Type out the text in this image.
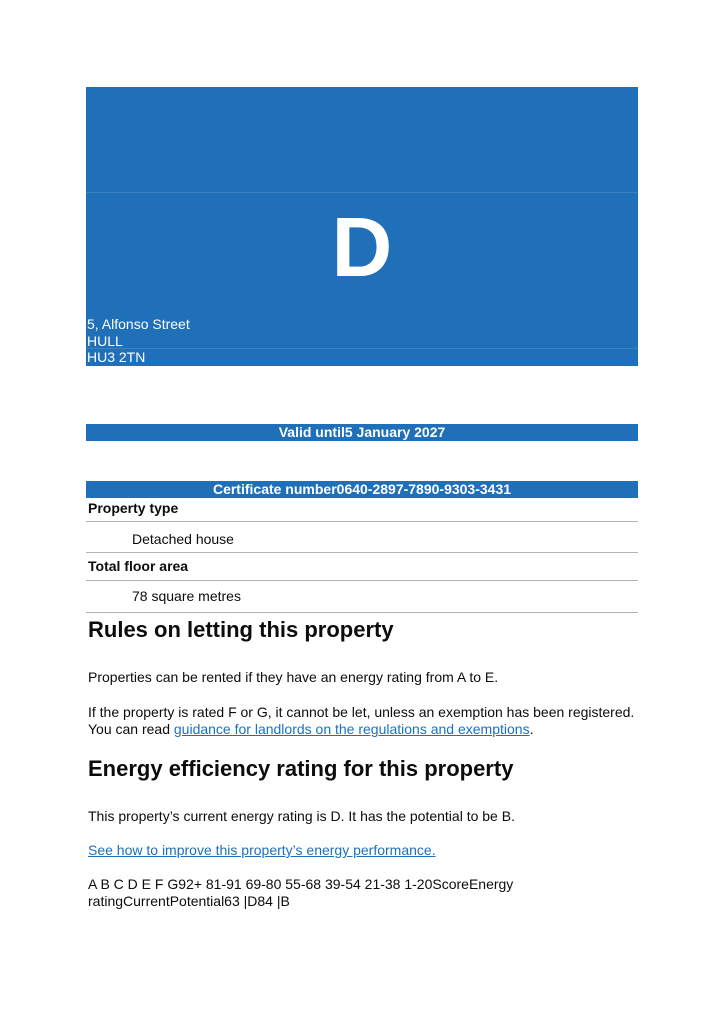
D
5, Alfonso Street
HULL
HU3 2TN
Valid until5 January 2027
Certificate number0640-2897-7890-9303-3431
Property type
Detached house
Total floor area
78 square metres
Rules on letting this property

Properties can be rented if they have an energy rating from A to E.

If the property is rated F or G, it cannot be let, unless an exemption has been registered. You can read guidance for landlords on the regulations and exemptions.

Energy efficiency rating for this property

This property’s current energy rating is D. It has the potential to be B.

See how to improve this property’s energy performance.

A B C D E F G92+ 81-91 69-80 55-68 39-54 21-38 1-20ScoreEnergy ratingCurrentPotential63 |D84 |B
